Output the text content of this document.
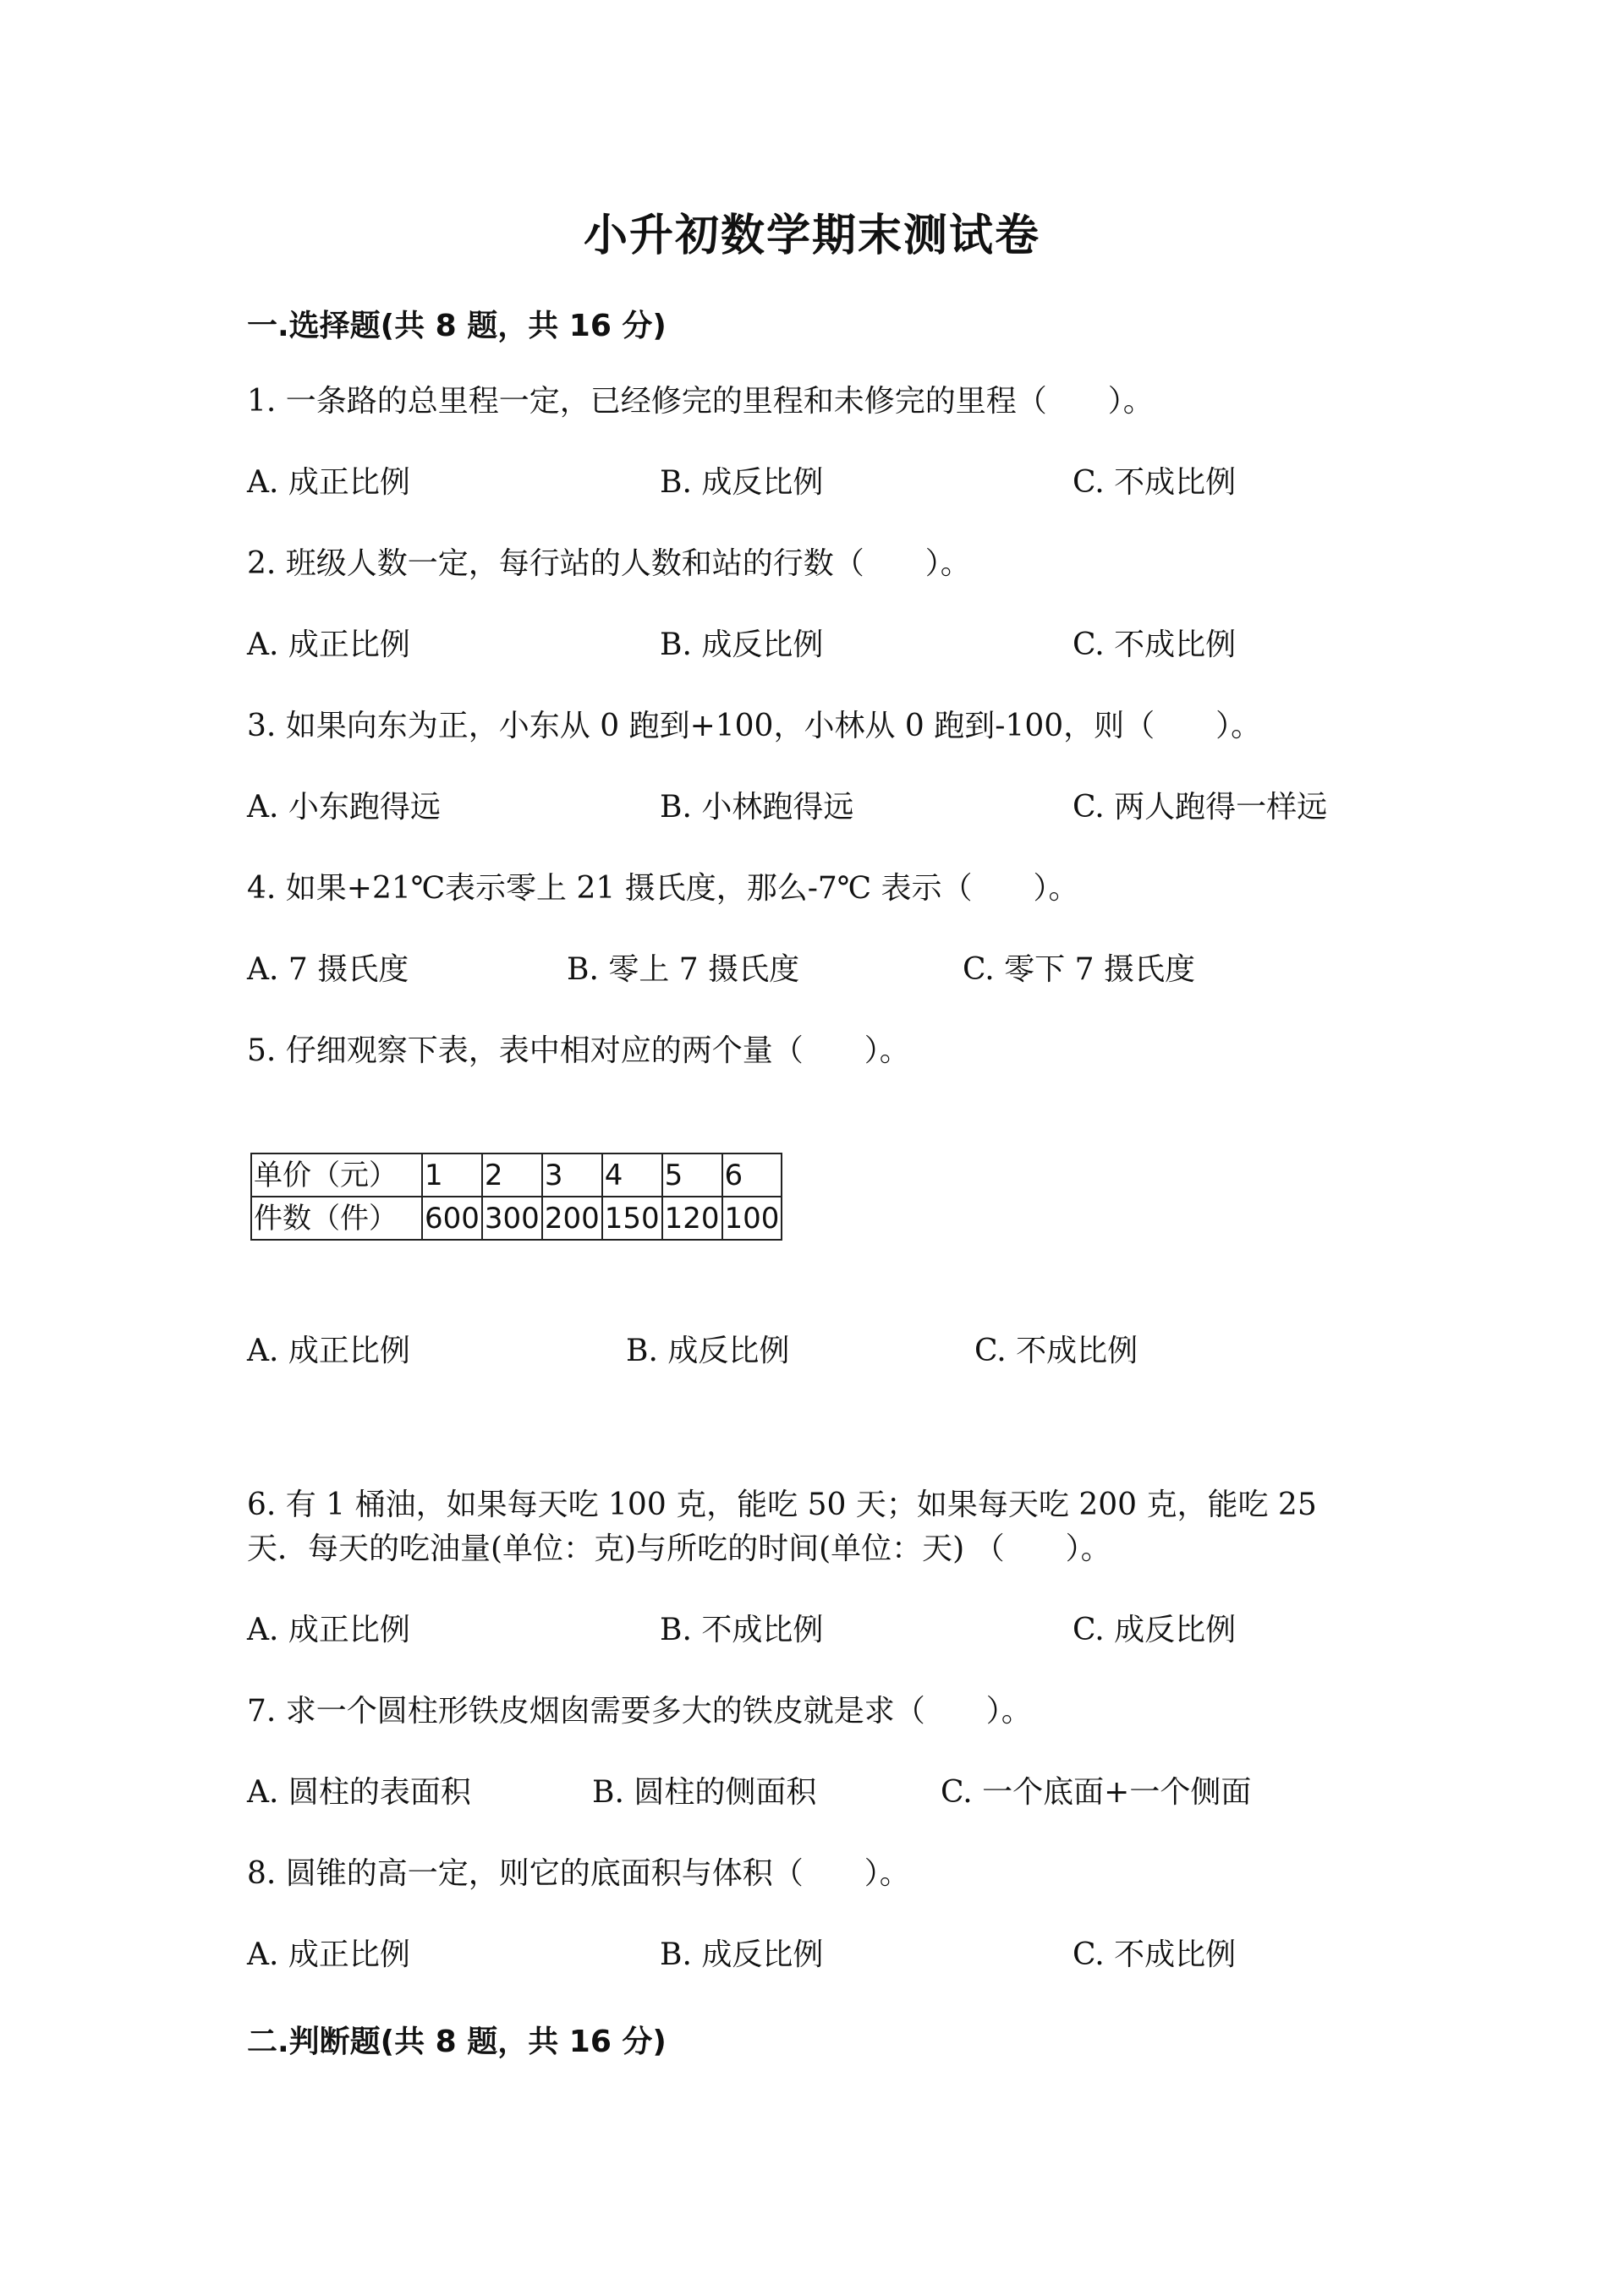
小升初数学期末测试卷
一.选择题(共 8 题，共 16 分)
1. 一条路的总里程一定，已经修完的里程和未修完的里程（　　）。
A. 成正比例	B. 成反比例	C. 不成比例
2. 班级人数一定，每行站的人数和站的行数（　　）。
A. 成正比例	B. 成反比例	C. 不成比例
3. 如果向东为正，小东从 0 跑到+100，小林从 0 跑到-100，则（　　）。
A. 小东跑得远	B. 小林跑得远	C. 两人跑得一样远
4. 如果+21℃表示零上 21 摄氏度，那么-7℃ 表示（　　）。
A. 7 摄氏度	B. 零上 7 摄氏度	C. 零下 7 摄氏度
5. 仔细观察下表，表中相对应的两个量（　　）。
单价（元）	1	2	3	4	5	6
件数（件）	600	300	200	150	120	100
A. 成正比例	B. 成反比例	C. 不成比例
6. 有 1 桶油，如果每天吃 100 克，能吃 50 天；如果每天吃 200 克，能吃 25
天．每天的吃油量(单位：克)与所吃的时间(单位：天) （　　）。
A. 成正比例	B. 不成比例	C. 成反比例
7. 求一个圆柱形铁皮烟囱需要多大的铁皮就是求（　　）。
A. 圆柱的表面积	B. 圆柱的侧面积	C. 一个底面+一个侧面
8. 圆锥的高一定，则它的底面积与体积（　　）。
A. 成正比例	B. 成反比例	C. 不成比例
二.判断题(共 8 题，共 16 分)
